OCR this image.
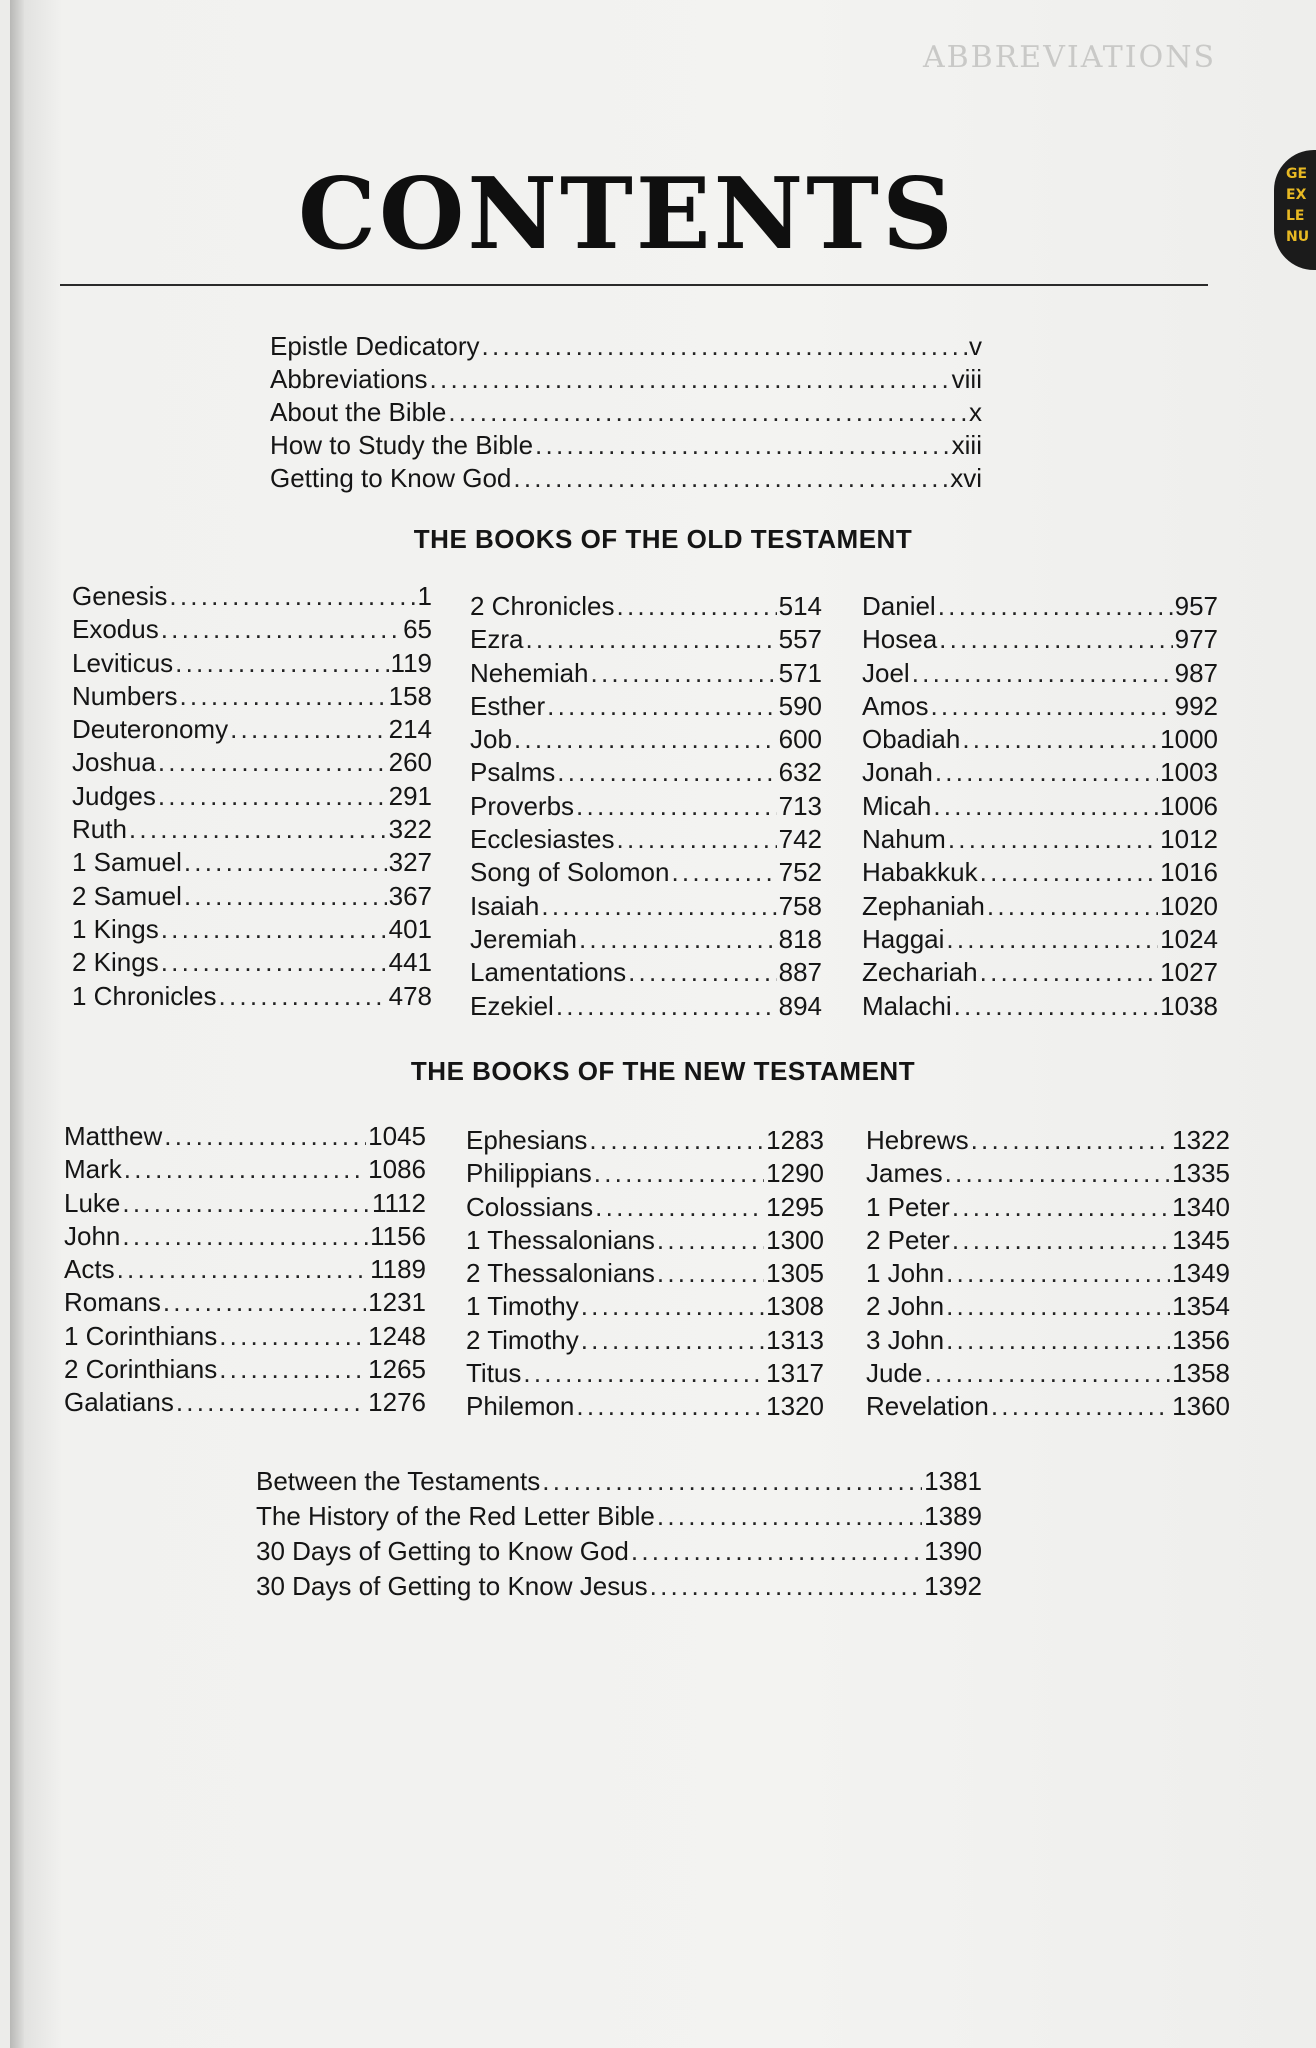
ABBREVIATIONS
GE
EX
LE
NU
CONTENTS
Epistle Dedicatory . . .	v
Abbreviations . . .	viii
About the Bible . . .	x
How to Study the Bible . . .	xiii
Getting to Know God . . .	xvi
THE BOOKS OF THE OLD TESTAMENT
Genesis . . .	1
Exodus . . .	65
Leviticus . . .	119
Numbers . . .	158
Deuteronomy . . .	214
Joshua . . .	260
Judges . . .	291
Ruth . . .	322
1 Samuel . . .	327
2 Samuel . . .	367
1 Kings . . .	401
2 Kings . . .	441
1 Chronicles . . .	478
2 Chronicles . . .	514
Ezra . . .	557
Nehemiah . . .	571
Esther . . .	590
Job . . .	600
Psalms . . .	632
Proverbs . . .	713
Ecclesiastes . . .	742
Song of Solomon . . .	752
Isaiah . . .	758
Jeremiah . . .	818
Lamentations . . .	887
Ezekiel . . .	894
Daniel . . .	957
Hosea . . .	977
Joel . . .	987
Amos . . .	992
Obadiah . . .	1000
Jonah . . .	1003
Micah . . .	1006
Nahum . . .	1012
Habakkuk . . .	1016
Zephaniah . . .	1020
Haggai . . .	1024
Zechariah . . .	1027
Malachi . . .	1038
THE BOOKS OF THE NEW TESTAMENT
Matthew . . .	1045
Mark . . .	1086
Luke . . .	1112
John . . .	1156
Acts . . .	1189
Romans . . .	1231
1 Corinthians . . .	1248
2 Corinthians . . .	1265
Galatians . . .	1276
Ephesians . . .	1283
Philippians . . .	1290
Colossians . . .	1295
1 Thessalonians . . .	1300
2 Thessalonians . . .	1305
1 Timothy . . .	1308
2 Timothy . . .	1313
Titus . . .	1317
Philemon . . .	1320
Hebrews . . .	1322
James . . .	1335
1 Peter . . .	1340
2 Peter . . .	1345
1 John . . .	1349
2 John . . .	1354
3 John . . .	1356
Jude . . .	1358
Revelation . . .	1360
Between the Testaments . . .	1381
The History of the Red Letter Bible . . .	1389
30 Days of Getting to Know God . . .	1390
30 Days of Getting to Know Jesus . . .	1392
